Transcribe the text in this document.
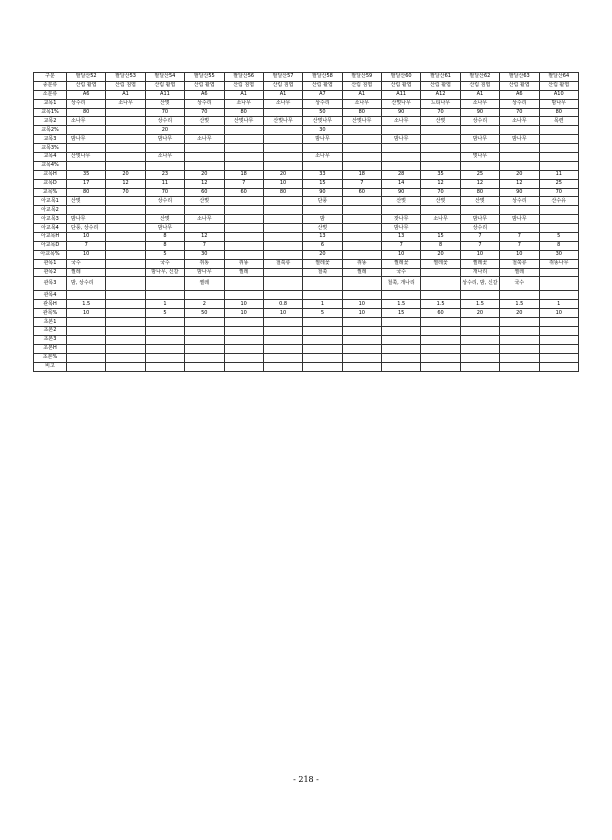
구분	팔달산52	팔달산53	팔달산54	팔달산55	팔달산56	팔달산57	팔달산58	팔달산59	팔달산60	팔달산61	팔달산62	팔달산63	팔달산64
종분류	산림 활엽	산림 침엽	산림 활엽	산림 활엽	산림 침엽	산림 침엽	산림 활엽	산림 침엽	산림 활엽	산림 활엽	산림 침엽	산림 활엽	산림 활엽
소분류	A6	A1	A11	A6	A1	A1	A7	A1	A11	A12	A1	A6	A10
교목1	상수리	소나무	산벚	상수리	소나무	소나무	상수리	소나무	산벚나무	느티나무	소나무	상수리	밤나무
교목1%	80		70	70	80		50	80	90	70	90	70	80
교목2	소나무		상수리	산벚	산벚나무	산벚나무	산벚나무	산벚나무	소나무	산벚	상수리	소나무	목련
교목2%			20				30						
교목3	밤나무		밤나무	소나무			밤나무		밤나무		밤나무	밤나무	
교목3%													
교목4	산벚나무		소나무				소나무				벚나무		
교목4%													
교목H	35	20	23	20	18	20	33	18	28	35	25	20	11
교목D	17	12	11	12	7	10	15	7	14	12	12	12	25
교목%	80	70	70	60	60	80	90	60	90	70	80	90	70
아교목1	산벚		상수리	산벚			단풍		산벚	산벚	산벚	상수리	산수유
아교목2													
아교목3	밤나무		산벚	소나무			밤		잣나무	소나무	밤나무	밤나무	
아교목4	단풍, 상수리		밤나무				산벚		밤나무		상수리		
아교목H	10		8	12			13		13	15	7	7	5
아교목D	7		8	7			6		7	8	7	7	8
아교목%	10		5	30			20		10	20	10	10	30
관목1	국수		국수	쥐똥	쥐똥	철쭉류	찔레꽃	쥐똥	찔레꽃	찔레꽃	찔레꽃	철쭉류	쥐똥나무
관목2	찔레		밤나무, 신갈	밤나무	찔레		철쭉	찔레	국수		개나리	찔레	
관목3	밤, 상수리			찔레					철쭉, 개나리		상수리, 밤, 신갈	국수	
관목4													
관목H	1.5		1	2	10	0.8	1	10	1.5	1.5	1.5	1.5	1
관목%	10		5	50	10	10	5	10	15	60	20	20	10
초본1													
초본2													
초본3													
초본H													
초본%													
비고													
- 218 -
